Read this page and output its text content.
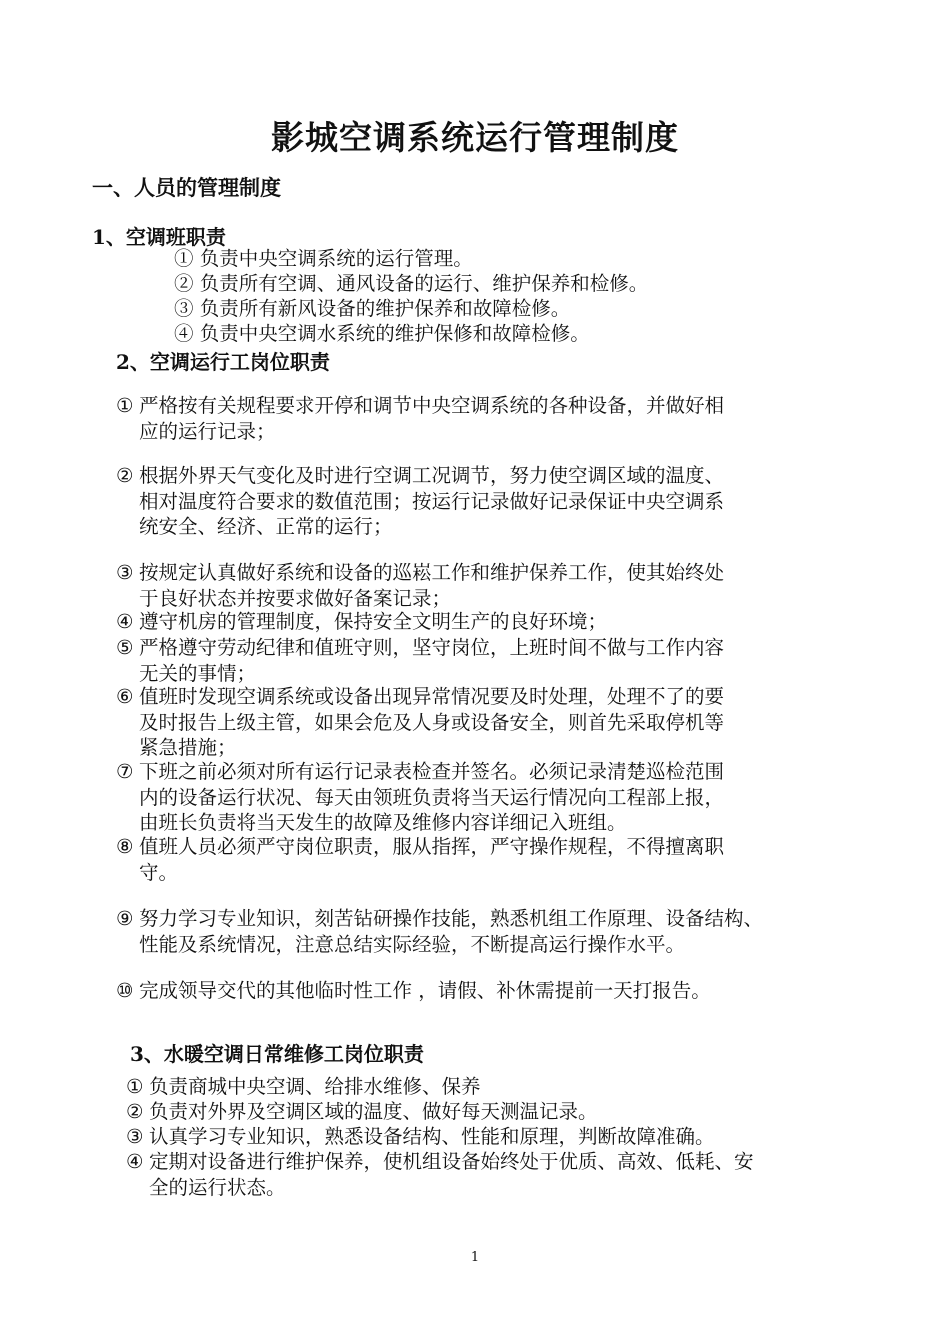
影城空调系统运行管理制度
一、人员的管理制度
1、空调班职责
① 负责中央空调系统的运行管理。
② 负责所有空调、通风设备的运行、维护保养和检修。
③ 负责所有新风设备的维护保养和故障检修。
④ 负责中央空调水系统的维护保修和故障检修。
2、空调运行工岗位职责
① 严格按有关规程要求开停和调节中央空调系统的各种设备，并做好相
应的运行记录；
② 根据外界天气变化及时进行空调工况调节，努力使空调区域的温度、
相对温度符合要求的数值范围；按运行记录做好记录保证中央空调系
统安全、经济、正常的运行；
③ 按规定认真做好系统和设备的巡崧工作和维护保养工作，使其始终处
于良好状态并按要求做好备案记录；
④ 遵守机房的管理制度，保持安全文明生产的良好环境；
⑤ 严格遵守劳动纪律和值班守则，坚守岗位，上班时间不做与工作内容
无关的事情；
⑥ 值班时发现空调系统或设备出现异常情况要及时处理，处理不了的要
及时报告上级主管，如果会危及人身或设备安全，则首先采取停机等
紧急措施；
⑦ 下班之前必须对所有运行记录表检查并签名。必须记录清楚巡检范围
内的设备运行状况、每天由领班负责将当天运行情况向工程部上报，
由班长负责将当天发生的故障及维修内容详细记入班组。
⑧ 值班人员必须严守岗位职责，服从指挥，严守操作规程，不得擅离职
守。
⑨ 努力学习专业知识，刻苦钻研操作技能，熟悉机组工作原理、设备结构、
性能及系统情况，注意总结实际经验，不断提高运行操作水平。
⑩ 完成领导交代的其他临时性工作 ，请假、补休需提前一天打报告。
3、水暖空调日常维修工岗位职责
① 负责商城中央空调、给排水维修、保养
② 负责对外界及空调区域的温度、做好每天测温记录。
③ 认真学习专业知识，熟悉设备结构、性能和原理，判断故障准确。
④ 定期对设备进行维护保养，使机组设备始终处于优质、高效、低耗、安
全的运行状态。
1
